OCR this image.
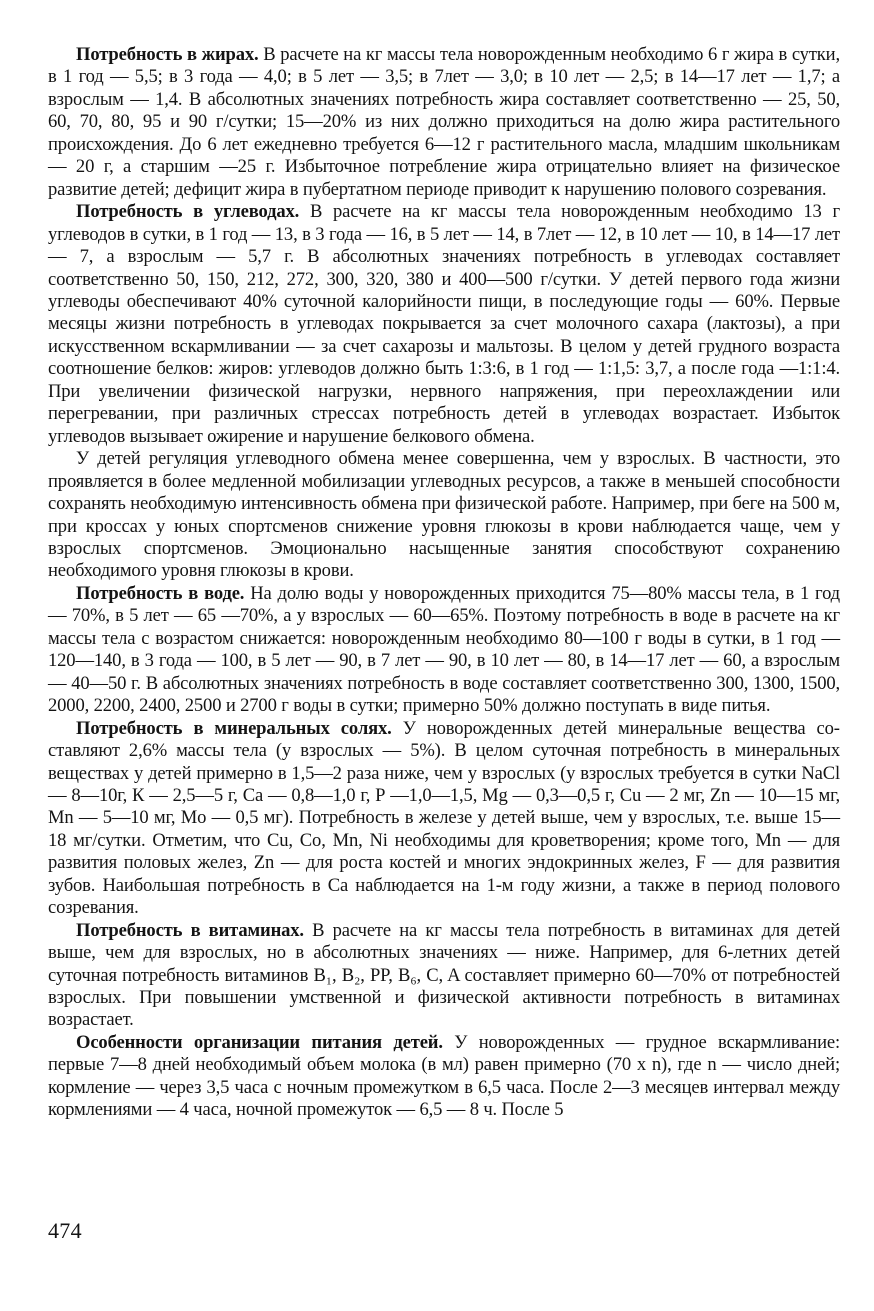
Потребность в жирах. В расчете на кг массы тела новорожденным необходимо 6 г жира в сутки, в 1 год — 5,5; в 3 года — 4,0; в 5 лет — 3,5; в 7лет — 3,0; в 10 лет — 2,5; в 14—17 лет — 1,7; а взрослым — 1,4. В абсолютных значениях потребность жира составляет соответственно — 25, 50, 60, 70, 80, 95 и 90 г/сутки; 15—20% из них должно приходиться на долю жира растительного происхождения. До 6 лет ежедневно требуется 6—12 г растительного масла, младшим школьникам — 20 г, а старшим —25 г. Избыточное потребление жира отрицательно влияет на физическое развитие детей; дефицит жира в пубертатном периоде приводит к нарушению полового созревания.

Потребность в углеводах. В расчете на кг массы тела новорожденным необходимо 13 г углеводов в сутки, в 1 год — 13, в 3 года — 16, в 5 лет — 14, в 7лет — 12, в 10 лет — 10, в 14—17 лет — 7, а взрослым — 5,7 г. В абсолютных значениях потребность в углеводах составляет соответственно 50, 150, 212, 272, 300, 320, 380 и 400—500 г/сутки. У детей первого года жизни углеводы обеспечивают 40% суточной калорийности пищи, в последующие годы — 60%. Первые месяцы жизни потребность в углеводах покрывается за счет молочного сахара (лактозы), а при искусственном вскармливании — за счет сахарозы и мальтозы. В целом у детей грудного возраста соотношение белков: жиров: углеводов должно быть 1:3:6, в 1 год — 1:1,5: 3,7, а после года —1:1:4. При увеличении физической нагрузки, нервного напряжения, при переохлаждении или перегревании, при различных стрессах потребность детей в углеводах возрастает. Избыток углеводов вызывает ожирение и нарушение белкового обмена.

У детей регуляция углеводного обмена менее совершенна, чем у взрослых. В частности, это проявляется в более медленной мобилизации углеводных ресурсов, а также в меньшей способности сохранять необходимую интенсивность обмена при физической работе. Например, при беге на 500 м, при кроссах у юных спортсменов снижение уровня глюкозы в крови наблюдается чаще, чем у взрослых спортсменов. Эмоционально насыщенные занятия способствуют сохранению необходимого уровня глюкозы в крови.

Потребность в воде. На долю воды у новорожденных приходится 75—80% массы тела, в 1 год — 70%, в 5 лет — 65 —70%, а у взрослых — 60—65%. Поэтому потребность в воде в расчете на кг массы тела с возрастом снижается: новорожденным необходимо 80—100 г воды в сутки, в 1 год — 120—140, в 3 года — 100, в 5 лет — 90, в 7 лет — 90, в 10 лет — 80, в 14—17 лет — 60, а взрослым — 40—50 г. В абсолютных значениях потребность в воде составляет соответственно 300, 1300, 1500, 2000, 2200, 2400, 2500 и 2700 г воды в сутки; примерно 50% должно поступать в виде питья.

Потребность в минеральных солях. У новорожденных детей минеральные вещества составляют 2,6% массы тела (у взрослых — 5%). В целом суточная потребность в минеральных веществах у детей примерно в 1,5—2 раза ниже, чем у взрослых (у взрослых требуется в сутки NaCl — 8—10г, К — 2,5—5 г, Са — 0,8—1,0 г, Р —1,0—1,5, Mg — 0,3—0,5 г, Cu — 2 мг, Zn — 10—15 мг, Mn — 5—10 мг, Mo — 0,5 мг). Потребность в железе у детей выше, чем у взрослых, т.е. выше 15—18 мг/сутки. Отметим, что Cu, Co, Mn, Ni необходимы для кроветворения; кроме того, Mn — для развития половых желез, Zn — для роста костей и многих эндокринных желез, F — для развития зубов. Наибольшая потребность в Са наблюдается на 1-м году жизни, а также в период полового созревания.

Потребность в витаминах. В расчете на кг массы тела потребность в витаминах для детей выше, чем для взрослых, но в абсолютных значениях — ниже. Например, для 6-летних детей суточная потребность витаминов B₁, B₂, PP, B₆, C, A составляет примерно 60—70% от потребностей взрослых. При повышении умственной и физической активности потребность в витаминах возрастает.

Особенности организации питания детей. У новорожденных — грудное вскармливание: первые 7—8 дней необходимый объем молока (в мл) равен примерно (70 х n), где n — число дней; кормление — через 3,5 часа с ночным промежутком в 6,5 часа. После 2—3 месяцев интервал между кормлениями — 4 часа, ночной промежуток — 6,5 — 8 ч. После 5

474
